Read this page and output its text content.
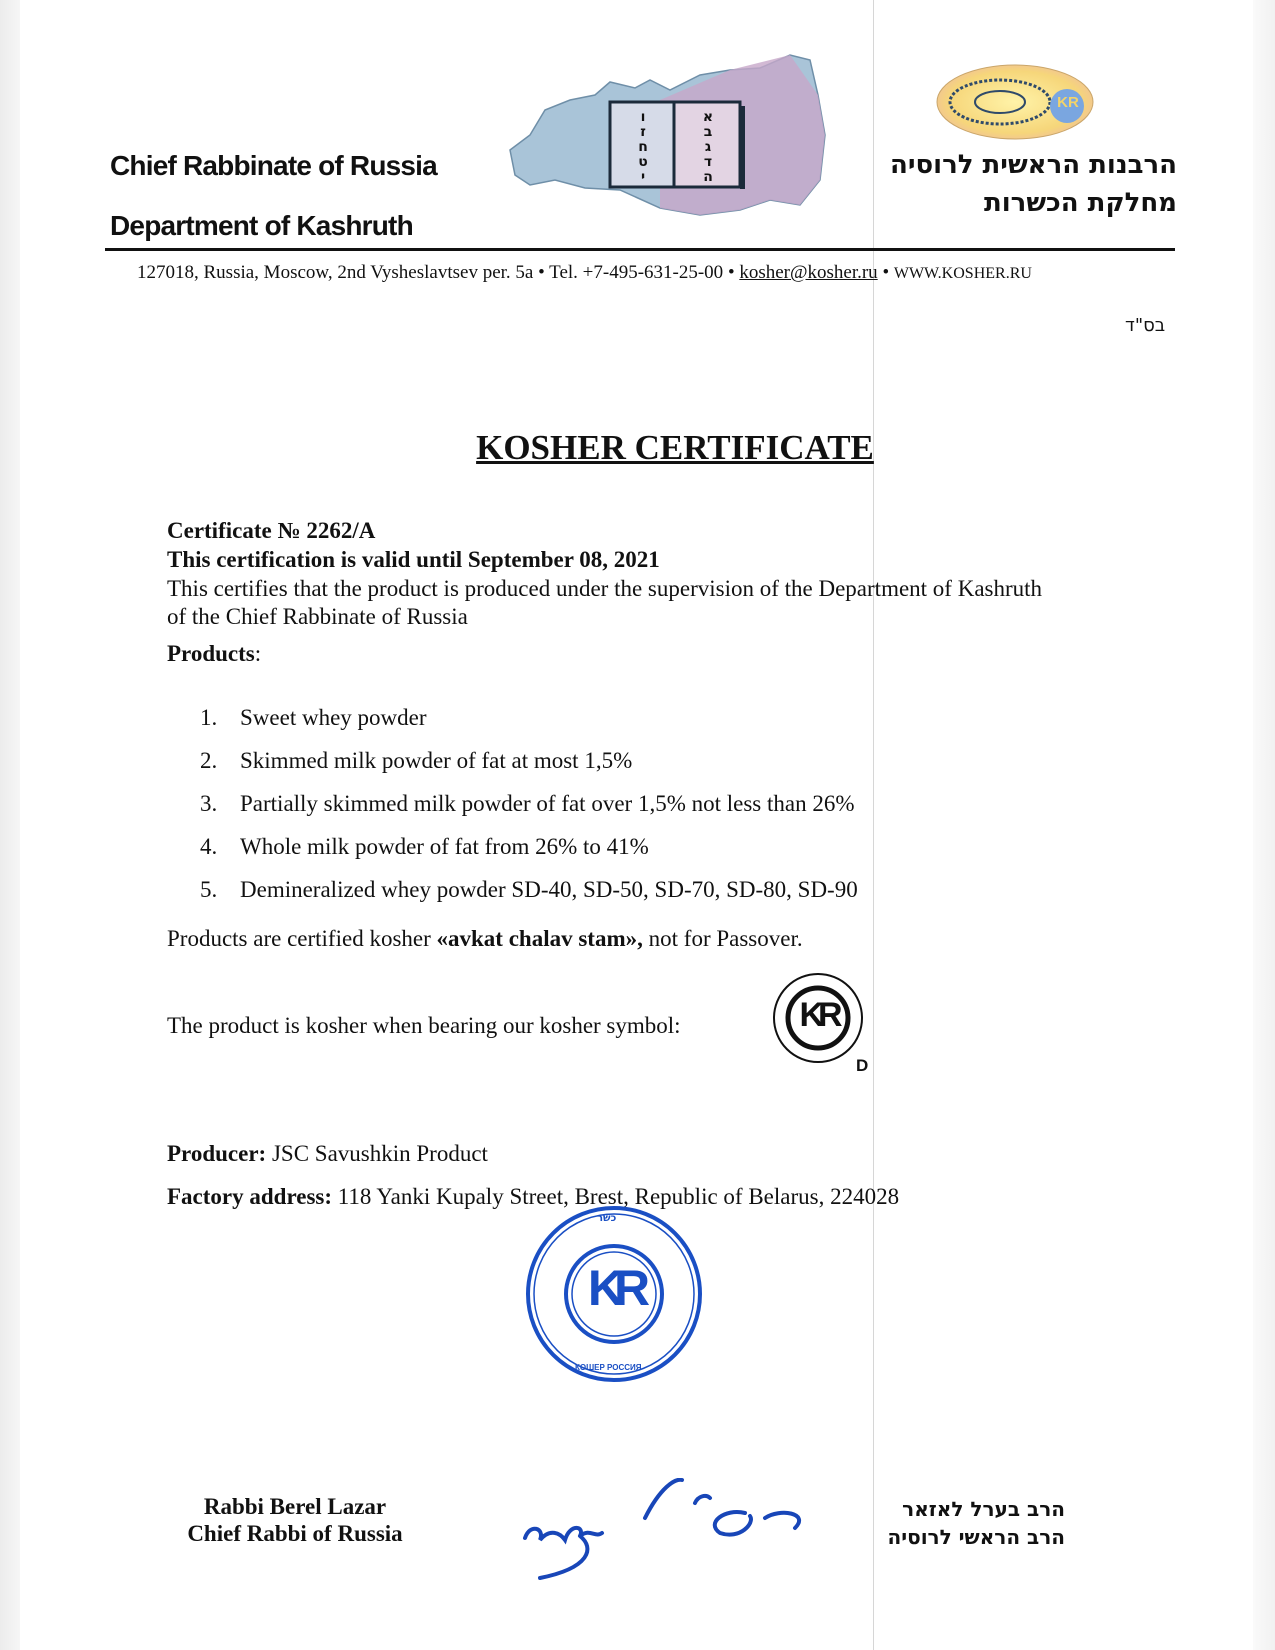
Chief Rabbinate of Russia
Department of Kashruth
ו ז ח ט י
א ב ג ד ה
KR
הרבנות הראשית לרוסיה
מחלקת הכשרות
127018, Russia, Moscow, 2nd Vysheslavtsev per. 5a • Tel. +7-495-631-25-00 • kosher@kosher.ru • WWW.KOSHER.RU
בס"ד
KOSHER CERTIFICATE
Certificate № 2262/A
This certification is valid until September 08, 2021
This certifies that the product is produced under the supervision of the Department of Kashruth
of the Chief Rabbinate of Russia
Products:
1. Sweet whey powder
2. Skimmed milk powder of fat at most 1,5%
3. Partially skimmed milk powder of fat over 1,5% not less than 26%
4. Whole milk powder of fat from 26% to 41%
5. Demineralized whey powder SD-40, SD-50, SD-70, SD-80, SD-90
Products are certified kosher «avkat chalav stam», not for Passover.
The product is kosher when bearing our kosher symbol:	KR
D
Producer: JSC Savushkin Product
Factory address: 118 Yanki Kupaly Street, Brest, Republic of Belarus, 224028
כשר
KR
КОШЕР РОССИЯ
Rabbi Berel Lazar
Chief Rabbi of Russia
הרב בערל לאזאר
הרב הראשי לרוסיה
